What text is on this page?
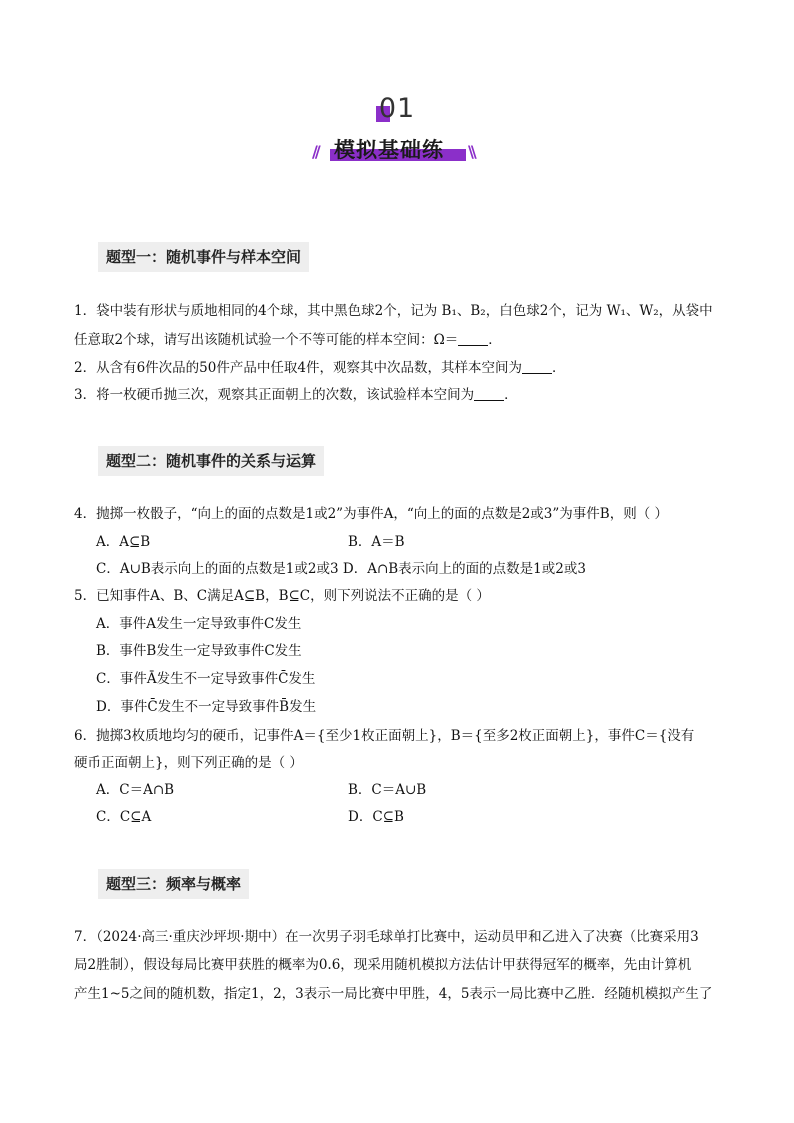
01
// 模拟基础练 \\
题型一：随机事件与样本空间
1．袋中装有形状与质地相同的4个球，其中黑色球2个，记为 B₁、B₂，白色球2个，记为 W₁、W₂，从袋中
任意取2个球，请写出该随机试验一个不等可能的样本空间：Ω＝ ．
2．从含有6件次品的50件产品中任取4件，观察其中次品数，其样本空间为 ．
3．将一枚硬币抛三次，观察其正面朝上的次数，该试验样本空间为 ．
题型二：随机事件的关系与运算
4．抛掷一枚骰子，“向上的面的点数是1或2”为事件A，“向上的面的点数是2或3”为事件B，则（ ）
A．A⊆B	B．A＝B
C．A∪B表示向上的面的点数是1或2或3 D．A∩B表示向上的面的点数是1或2或3
5．已知事件A、B、C满足A⊆B，B⊆C，则下列说法不正确的是（ ）
A．事件A发生一定导致事件C发生
B．事件B发生一定导致事件C发生
C．事件Ā发生不一定导致事件C̄发生
D．事件C̄发生不一定导致事件B̄发生
6．抛掷3枚质地均匀的硬币，记事件A＝{至少1枚正面朝上}，B＝{至多2枚正面朝上}，事件C＝{没有
硬币正面朝上}，则下列正确的是（ ）
A．C＝A∩B	B．C＝A∪B
C．C⊆A	D．C⊆B
题型三：频率与概率
7．（2024·高三·重庆沙坪坝·期中）在一次男子羽毛球单打比赛中，运动员甲和乙进入了决赛（比赛采用3
局2胜制），假设每局比赛甲获胜的概率为0.6，现采用随机模拟方法估计甲获得冠军的概率，先由计算机
产生1~5之间的随机数，指定1，2，3表示一局比赛中甲胜，4，5表示一局比赛中乙胜．经随机模拟产生了
